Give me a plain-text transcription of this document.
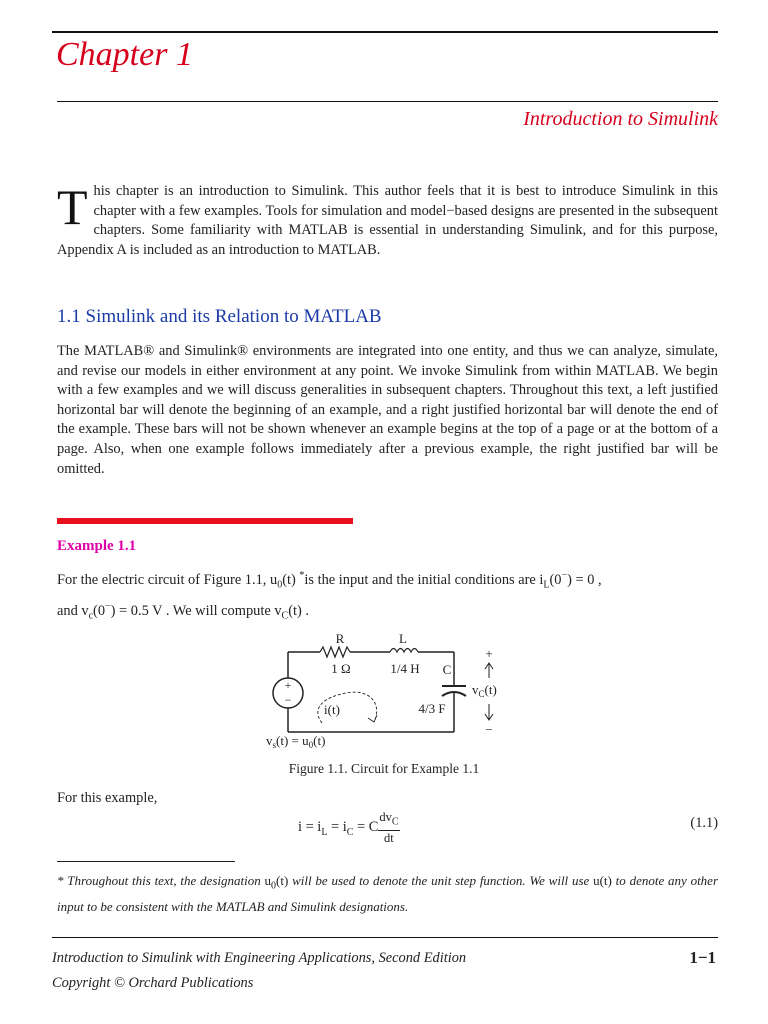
Chapter 1
Introduction to Simulink

This chapter is an introduction to Simulink. This author feels that it is best to introduce Simulink in this chapter with a few examples. Tools for simulation and model−based designs are presented in the subsequent chapters. Some familiarity with MATLAB is essential in understanding Simulink, and for this purpose, Appendix A is included as an introduction to MATLAB.

1.1 Simulink and its Relation to MATLAB

The MATLAB® and Simulink® environments are integrated into one entity, and thus we can analyze, simulate, and revise our models in either environment at any point. We invoke Simulink from within MATLAB. We begin with a few examples and we will discuss generalities in subsequent chapters. Throughout this text, a left justified horizontal bar will denote the beginning of an example, and a right justified horizontal bar will denote the end of the example. These bars will not be shown whenever an example begins at the top of a page or at the bottom of a page. Also, when one example follows immediately after a previous example, the right justified bar will be omitted.

Example 1.1
For the electric circuit of Figure 1.1, $u_0(t)$ *is the input and the initial conditions are $i_L(0^-) = 0$ ,
and $v_c(0^-) = 0.5$ V . We will compute $v_C(t)$ .
+
−
R
1 Ω
L
1/4 H C
4/3 F
i(t)
+
$v_C(t)$
−
$v_s(t) = u_0(t)$
Figure 1.1. Circuit for Example 1.1
For this example,
$i = i_L = i_C = C \frac{dv_C}{dt}$	(1.1)
* Throughout this text, the designation $u_0(t)$ will be used to denote the unit step function. We will use u(t) to denote any other input to be consistent with the MATLAB and Simulink designations.
Introduction to Simulink with Engineering Applications, Second Edition
Copyright © Orchard Publications
1−1
